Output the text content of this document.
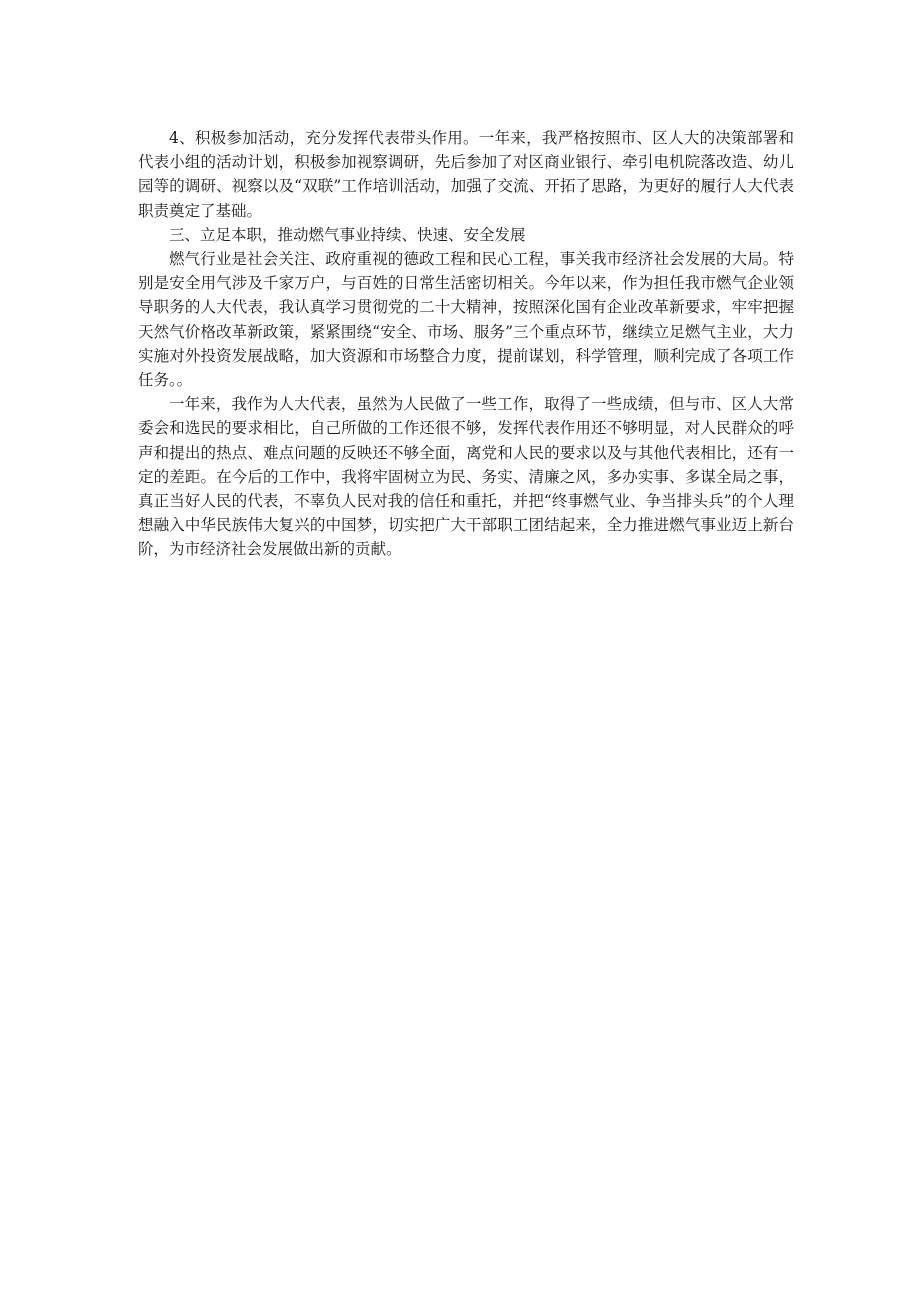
4、积极参加活动，充分发挥代表带头作用。一年来，我严格按照市、区人大的决策部署和代表小组的活动计划，积极参加视察调研，先后参加了对区商业银行、牵引电机院落改造、幼儿园等的调研、视察以及“双联”工作培训活动，加强了交流、开拓了思路，为更好的履行人大代表职责奠定了基础。

三、立足本职，推动燃气事业持续、快速、安全发展

燃气行业是社会关注、政府重视的德政工程和民心工程，事关我市经济社会发展的大局。特别是安全用气涉及千家万户，与百姓的日常生活密切相关。今年以来，作为担任我市燃气企业领导职务的人大代表，我认真学习贯彻党的二十大精神，按照深化国有企业改革新要求，牢牢把握天然气价格改革新政策，紧紧围绕“安全、市场、服务”三个重点环节，继续立足燃气主业，大力实施对外投资发展战略，加大资源和市场整合力度，提前谋划，科学管理，顺利完成了各项工作任务。。

一年来，我作为人大代表，虽然为人民做了一些工作，取得了一些成绩，但与市、区人大常委会和选民的要求相比，自己所做的工作还很不够，发挥代表作用还不够明显，对人民群众的呼声和提出的热点、难点问题的反映还不够全面，离党和人民的要求以及与其他代表相比，还有一定的差距。在今后的工作中，我将牢固树立为民、务实、清廉之风，多办实事、多谋全局之事，真正当好人民的代表，不辜负人民对我的信任和重托，并把“终事燃气业、争当排头兵”的个人理想融入中华民族伟大复兴的中国梦，切实把广大干部职工团结起来，全力推进燃气事业迈上新台阶，为市经济社会发展做出新的贡献。
